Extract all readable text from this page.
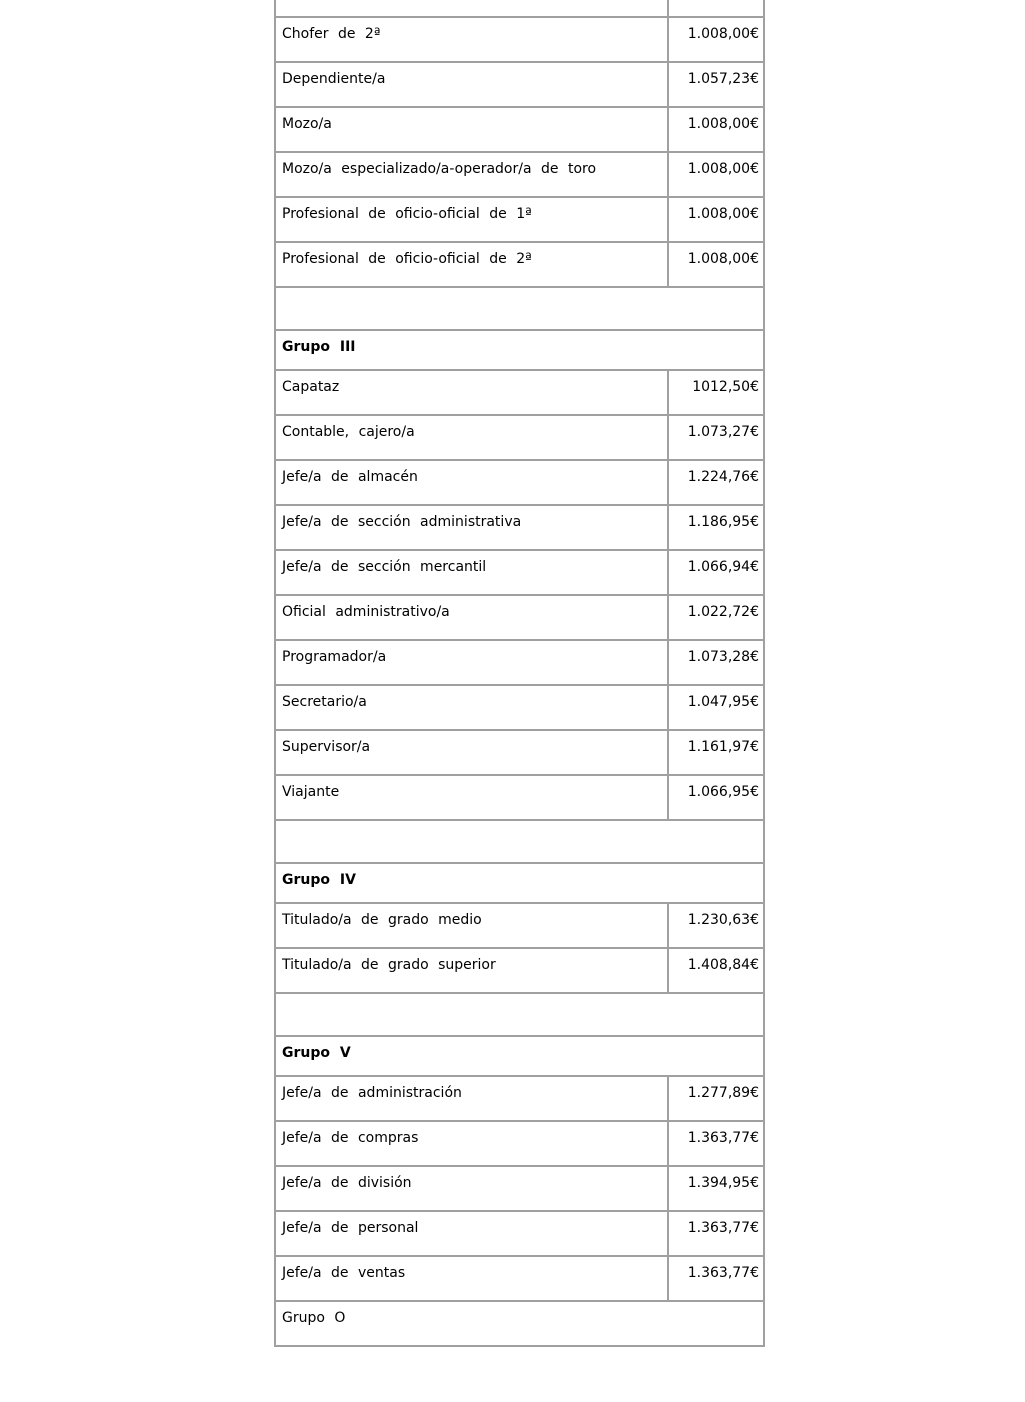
Chofer de 2ª	1.008,00€
Dependiente/a	1.057,23€
Mozo/a	1.008,00€
Mozo/a especializado/a-operador/a de toro	1.008,00€
Profesional de oficio-oficial de 1ª	1.008,00€
Profesional de oficio-oficial de 2ª	1.008,00€
Grupo III
Capataz	1012,50€
Contable, cajero/a	1.073,27€
Jefe/a de almacén	1.224,76€
Jefe/a de sección administrativa	1.186,95€
Jefe/a de sección mercantil	1.066,94€
Oficial administrativo/a	1.022,72€
Programador/a	1.073,28€
Secretario/a	1.047,95€
Supervisor/a	1.161,97€
Viajante	1.066,95€
Grupo IV
Titulado/a de grado medio	1.230,63€
Titulado/a de grado superior	1.408,84€
Grupo V
Jefe/a de administración	1.277,89€
Jefe/a de compras	1.363,77€
Jefe/a de división	1.394,95€
Jefe/a de personal	1.363,77€
Jefe/a de ventas	1.363,77€
Grupo O
